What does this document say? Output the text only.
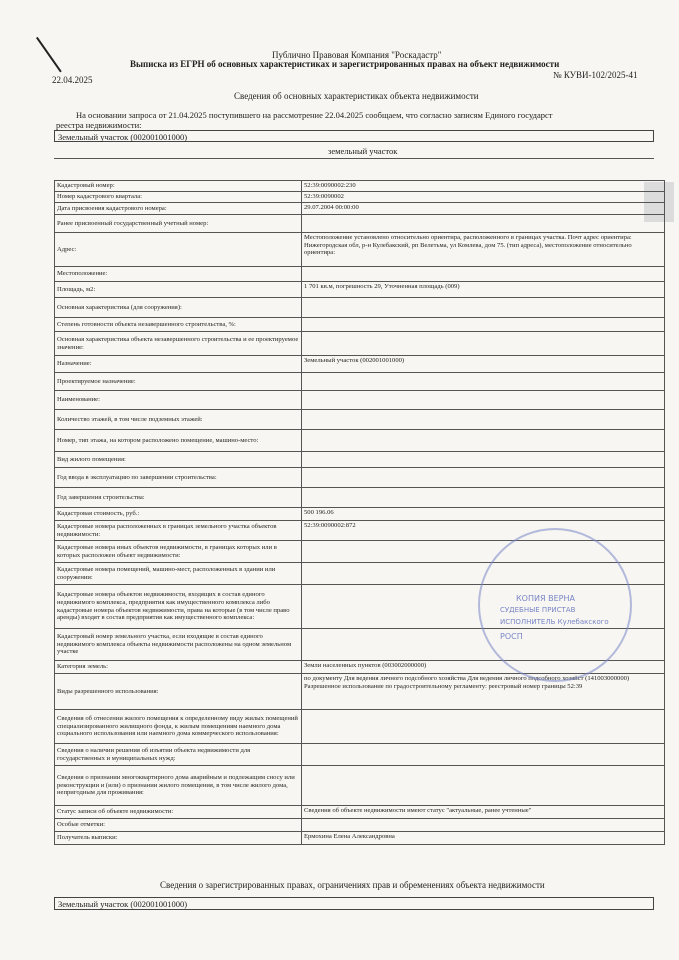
Публично Правовая Компания "Роскадастр"
Выписка из ЕГРН об основных характеристиках и зарегистрированных правах на объект недвижимости
22.04.2025	№ КУВИ-102/2025-41
Сведения об основных характеристиках объекта недвижимости
На основании запроса от 21.04.2025 поступившего на рассмотрение 22.04.2025 сообщаем, что согласно записям Единого государст
реестра недвижимости:
Земельный участок (002001001000)
земельный участок
Кадастровый номер:	52:39:0090002:230
Номер кадастрового квартала:	52:39:0090002
Дата присвоения кадастрового номера:	29.07.2004 00:00:00
Ранее присвоенный государственный учетный номер:	
Адрес:	Местоположение установлено относительно ориентира, расположенного в границах участка. Почт адрес ориентира: Нижегородская обл, р-н Кулебакский, рп Велетьма, ул Комлева, дом 75. (тип адреса), местоположение относительно ориентира:
Местоположение:	
Площадь, м2:	1 701 кв.м, погрешность 29, Уточненная площадь (009)
Основная характеристика (для сооружения):	
Степень готовности объекта незавершенного строительства, %:	
Основная характеристика объекта незавершенного строительства и ее проектируемое значение:	
Назначение:	Земельный участок (002001001000)
Проектируемое назначение:	
Наименование:	
Количество этажей, в том числе подземных этажей:	
Номер, тип этажа, на котором расположено помещение, машино-место:	
Вид жилого помещения:	
Год ввода в эксплуатацию по завершении строительства:	
Год завершения строительства:	
Кадастровая стоимость, руб.:	500 196.06
Кадастровые номера расположенных в границах земельного участка объектов недвижимости:	52:39:0090002:872
Кадастровые номера иных объектов недвижимости, в границах которых или в которых расположен объект недвижимости:	
Кадастровые номера помещений, машино-мест, расположенных в здании или сооружении:	
Кадастровые номера объектов недвижимости, входящих в состав единого недвижимого комплекса, предприятия как имущественного комплекса либо кадастровые номера объектов недвижимости, права на которые (в том числе право аренды) входят в состав предприятия как имущественного комплекса:	
Кадастровый номер земельного участка, если входящие в состав единого недвижимого комплекса объекты недвижимости расположены на одном земельном участке	
Категория земель:	Земли населенных пунктов (003002000000)
Виды разрешенного использования:	по документу Для ведения личного подсобного хозяйства Для ведения личного подсобного хозяйст (141003000000)
Разрешенное использование по градостроительному регламенту: реестровый номер границы 52:39
Сведения об отнесении жилого помещения к определенному виду жилых помещений специализированного жилищного фонда, к жилым помещениям наемного дома социального использования или наемного дома коммерческого использования:	
Сведения о наличии решения об изъятии объекта недвижимости для государственных и муниципальных нужд:	
Сведения о признании многоквартирного дома аварийным и подлежащим сносу или реконструкции и (или) о признании жилого помещения, в том числе жилого дома, непригодным для проживания:	
Статус записи об объекте недвижимости:	Сведения об объекте недвижимости имеют статус "актуальные, ранее учтенные"
Особые отметки:	
Получатель выписки:	Ермохина Елена Александровна
КОПИЯ ВЕРНА
СУДЕБНЫЕ ПРИСТАВ
ИСПОЛНИТЕЛЬ Кулебакского
РОСП
Сведения о зарегистрированных правах, ограничениях прав и обременениях объекта недвижимости
Земельный участок (002001001000)
